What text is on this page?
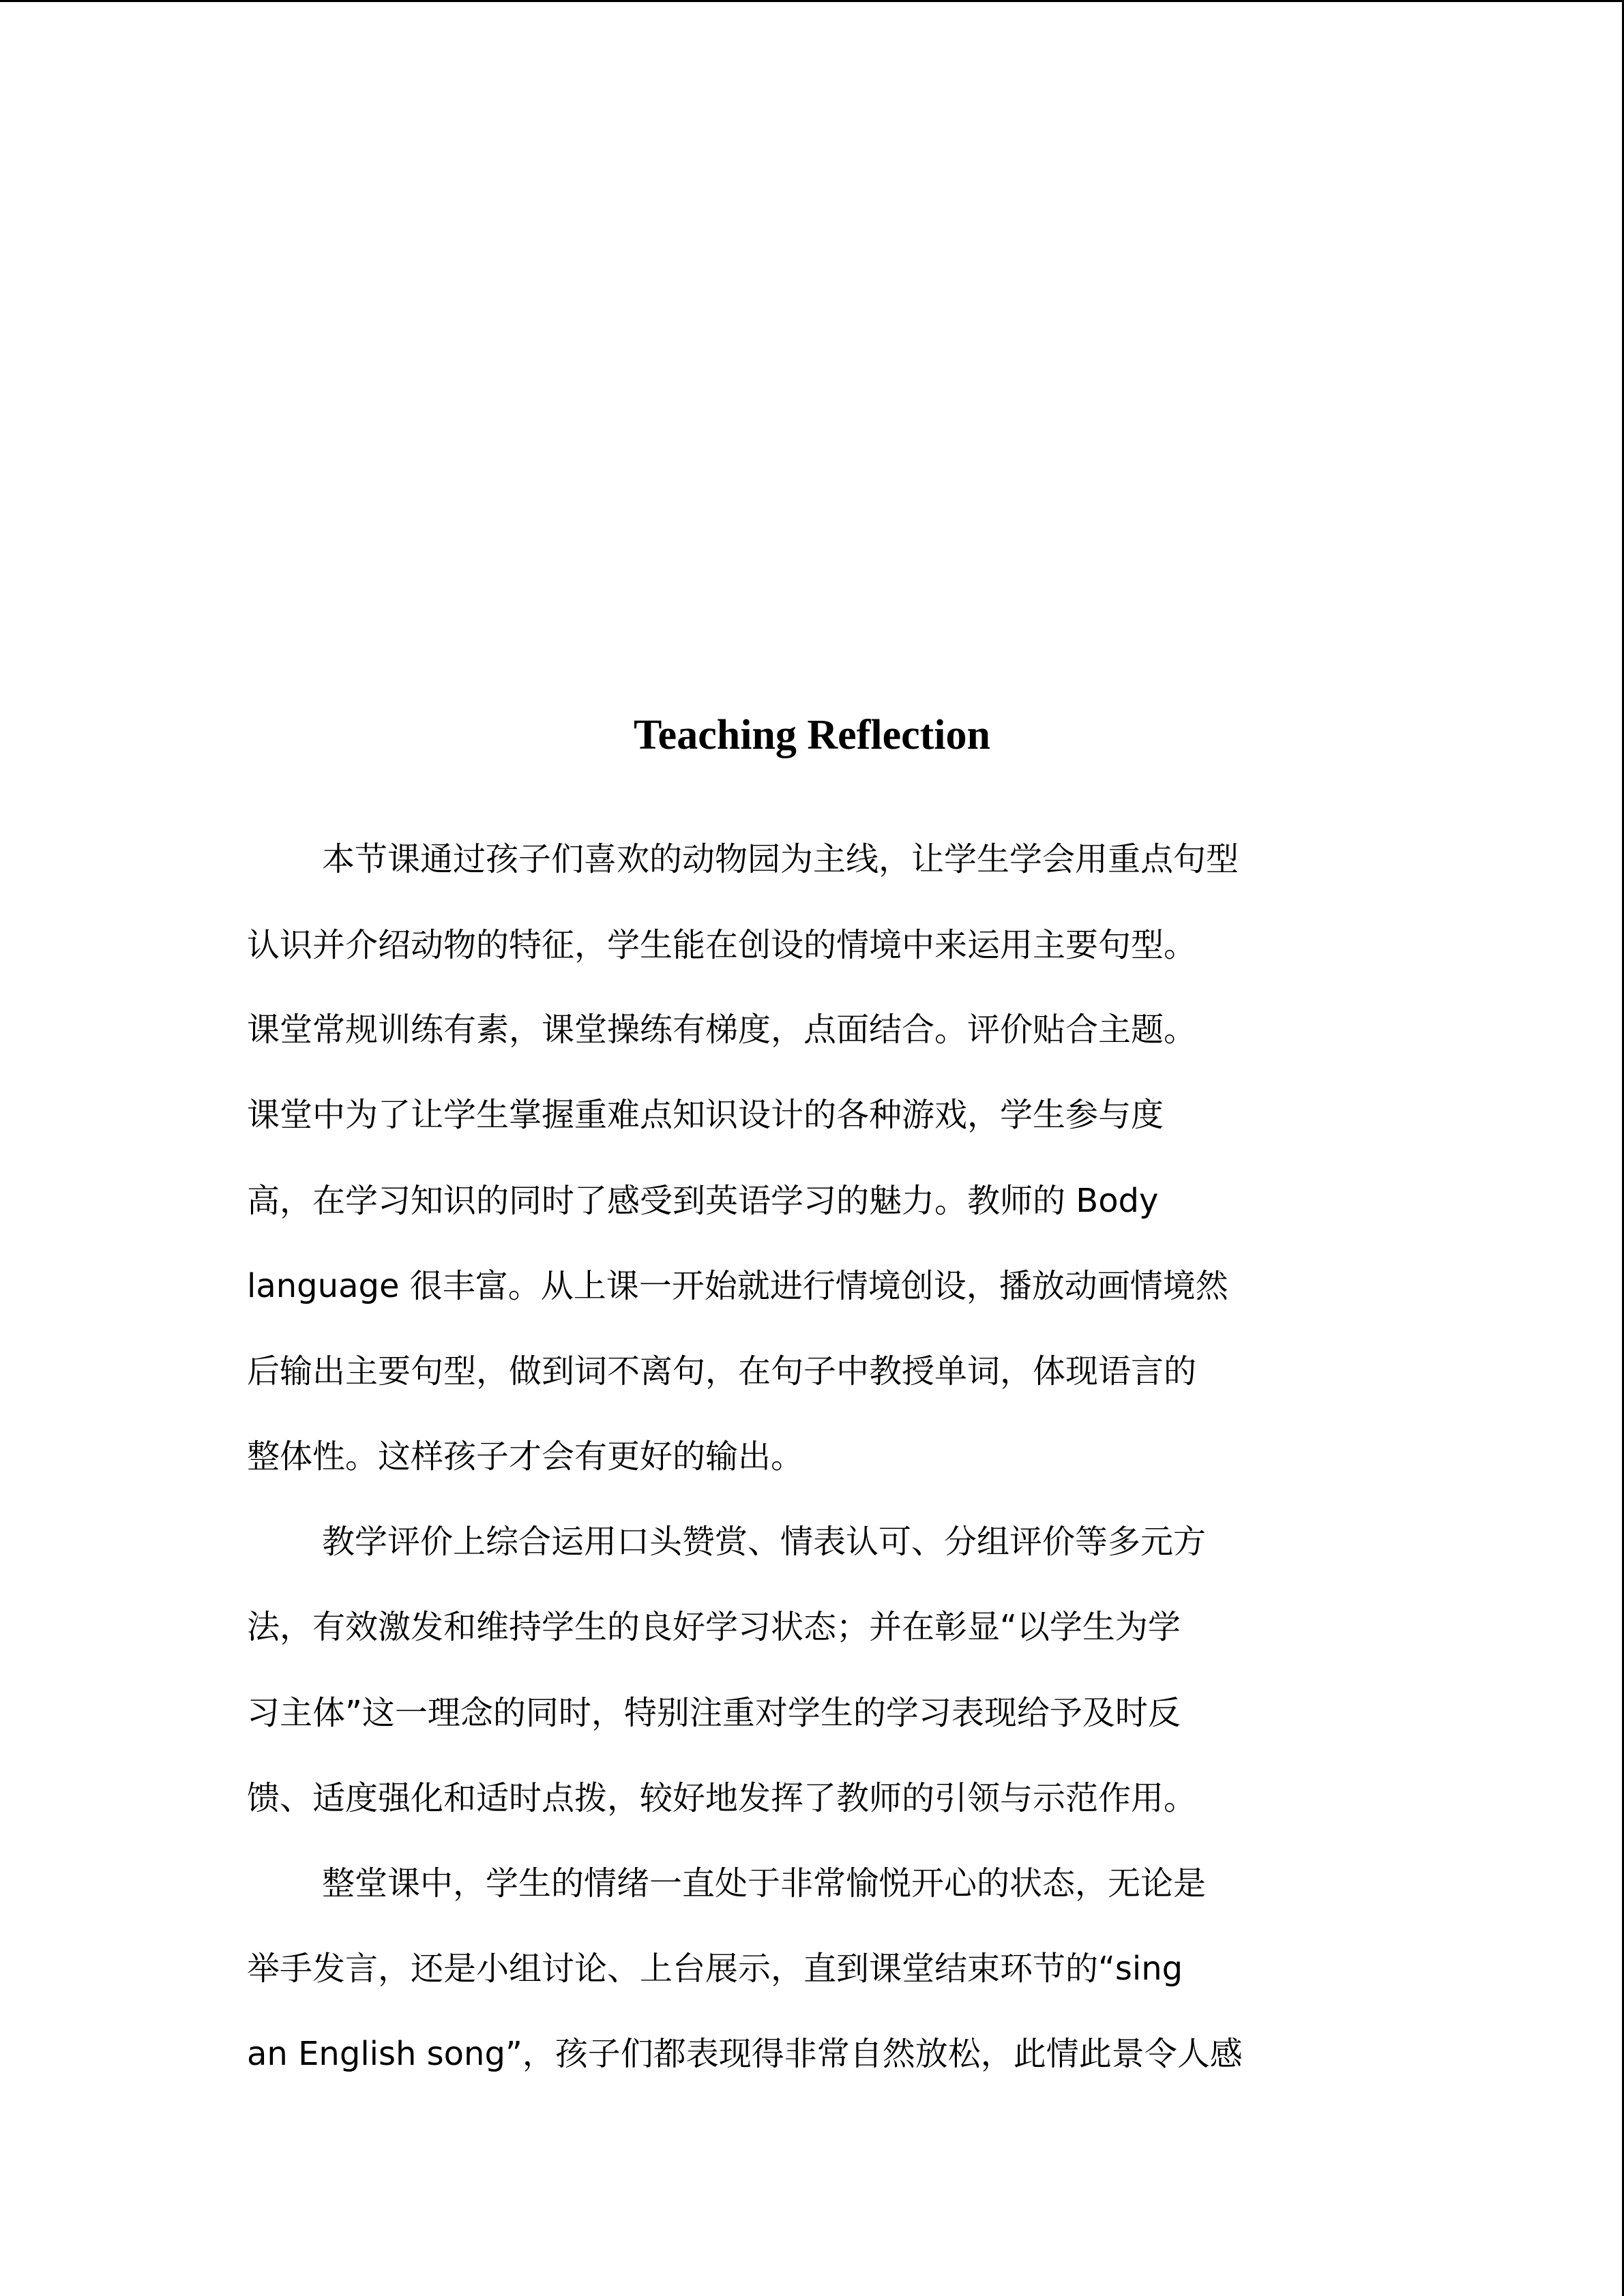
Teaching Reflection
本节课通过孩子们喜欢的动物园为主线，让学生学会用重点句型
认识并介绍动物的特征，学生能在创设的情境中来运用主要句型。
课堂常规训练有素，课堂操练有梯度，点面结合。评价贴合主题。
课堂中为了让学生掌握重难点知识设计的各种游戏，学生参与度
高，在学习知识的同时了感受到英语学习的魅力。教师的 Body
language 很丰富。从上课一开始就进行情境创设，播放动画情境然
后输出主要句型，做到词不离句，在句子中教授单词，体现语言的
整体性。这样孩子才会有更好的输出。
教学评价上综合运用口头赞赏、情表认可、分组评价等多元方
法，有效激发和维持学生的良好学习状态；并在彰显“以学生为学
习主体”这一理念的同时，特别注重对学生的学习表现给予及时反
馈、适度强化和适时点拨，较好地发挥了教师的引领与示范作用。
整堂课中，学生的情绪一直处于非常愉悦开心的状态，无论是
举手发言，还是小组讨论、上台展示，直到课堂结束环节的“sing
an English song”，孩子们都表现得非常自然放松，此情此景令人感
